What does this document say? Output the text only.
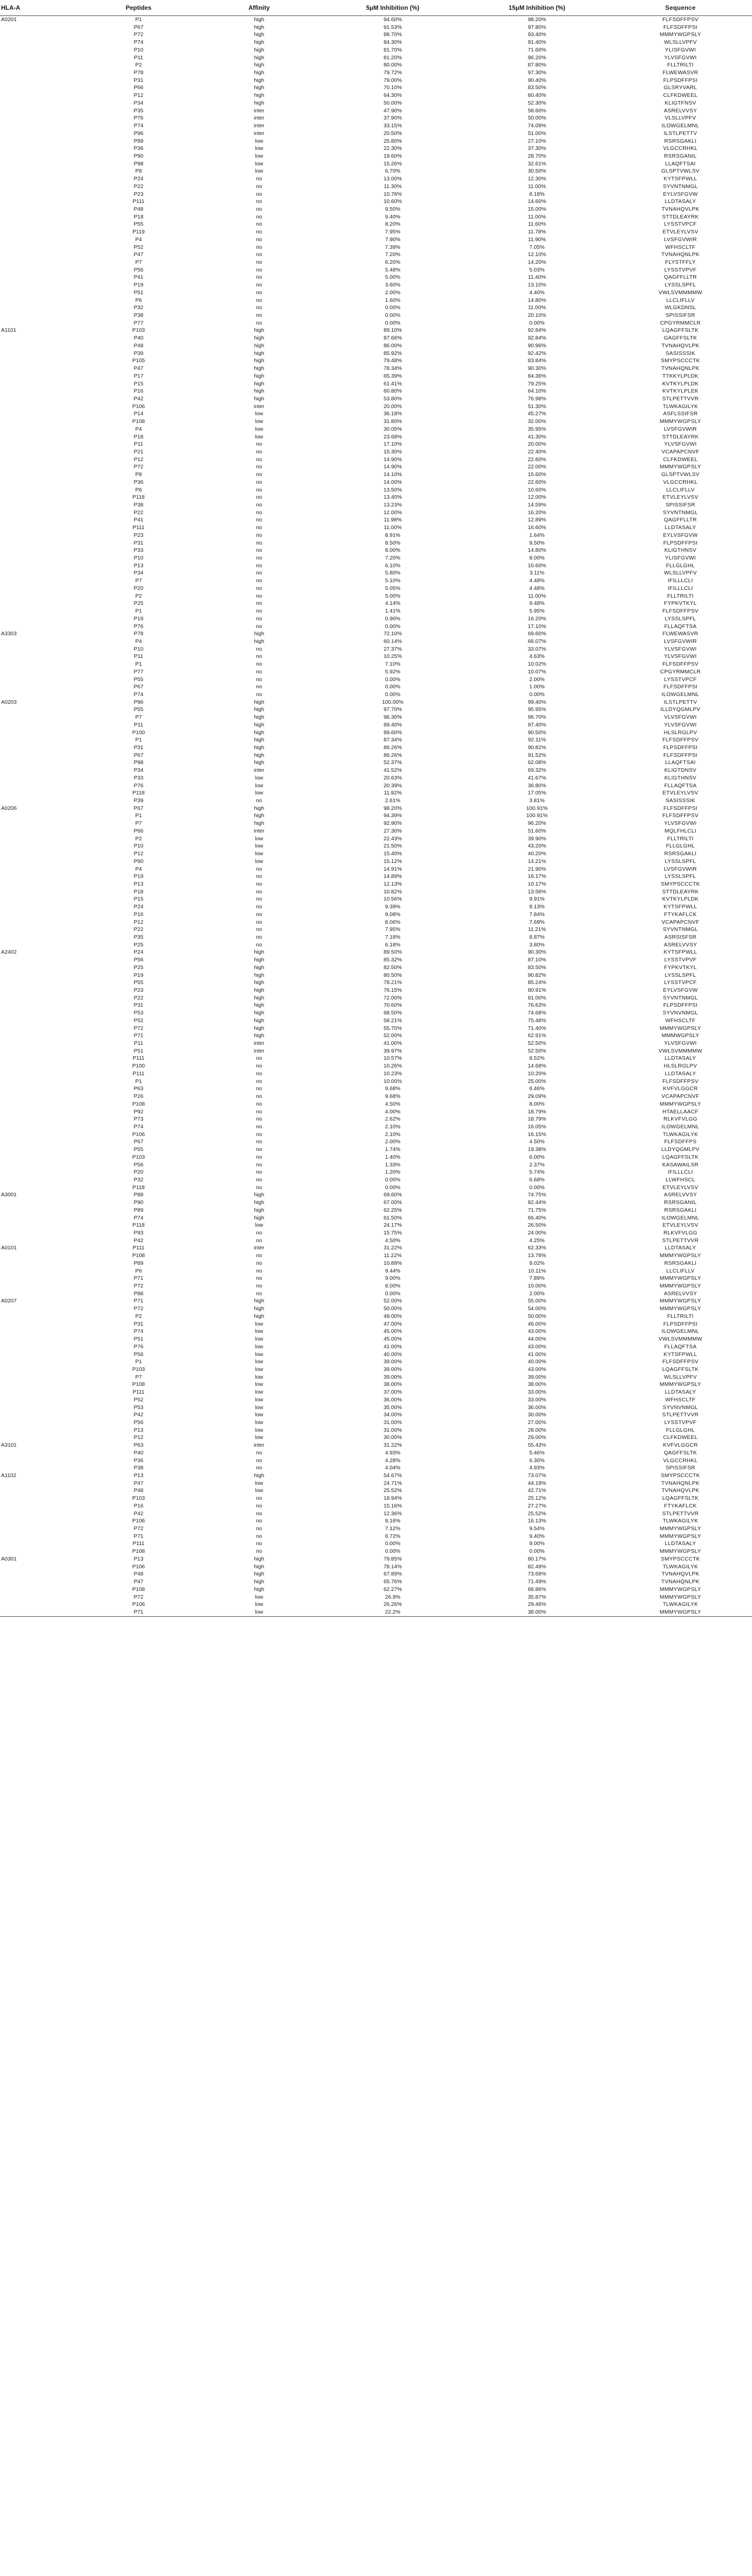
HLA-A	Peptides	Affinity	5μM Inhibition (%)	15μM Inhibition (%)	Sequence
A0201	P1	high	94.60%	98.20%	FLFSDFFPSV
	P67	high	91.53%	97.80%	FLFSDFFPSI
	P72	high	88.70%	93.40%	MMMYWGPSLY
	P74	high	84.30%	91.40%	WLSLLVPFV
	P10	high	81.70%	71.60%	YLISFGVWI
	P11	high	81.20%	96.20%	YLVSFGVWI
	P2	high	80.00%	87.80%	FLLTRILTI
	P78	high	79.72%	97.30%	FLWEWASVR
	P31	high	79.00%	90.40%	FLPSDFFPSI
	P66	high	70.10%	83.50%	GLSRYVARL
	P12	high	64.30%	60.40%	CLFKDWEEL
	P34	high	50.00%	52.30%	KLIGTFNSV
	P35	inter	47.90%	58.60%	ASRELVVSY
	P76	inter	37.90%	50.00%	VLSLLVPFV
	P74	inter	33.15%	74.09%	ILOWGELMNL
	P96	inter	20.50%	51.00%	ILSTLPETTV
	P89	low	25.80%	27.10%	RSRSGAKLI
	P36	low	22.30%	37.30%	VLGCCRHKL
	P90	low	19.60%	28.70%	RSRSGANIL
	P98	low	15.26%	32.61%	LLAQFTSAI
	P8	low	6.70%	30.50%	GLSPTVWLSV
	P24	no	13.00%	12.30%	KYTSFPWLL
	P22	no	11.30%	11.00%	SYVNTNMGL
	P23	no	10.76%	8.18%	EYLVSFGVW
	P111	no	10.60%	14.60%	LLDTASALY
	P48	no	9.50%	15.00%	TVNAHQVLPK
	P18	no	9.40%	11.00%	STTDLEAYRK
	P55	no	8.20%	11.60%	LYSSTVPCF
	P119	no	7.95%	11.78%	ETVLEYLVSV
	P4	no	7.90%	11.90%	LVSFGVWIR
	P52	no	7.39%	7.05%	WFHSCLTF
	P47	no	7.20%	12.10%	TVNAHQNLPK
	P7	no	6.20%	14.20%	FLYSTFFLY
	P56	no	5.48%	5.03%	LYSSTVPVF
	P41	no	5.00%	11.40%	QAGFFLLTR
	P19	no	3.60%	13.10%	LYSSLSPFL
	P51	no	2.00%	4.40%	VWLSVMMMMW
	P6	no	1.60%	14.80%	LLCLIFLLV
	P32	no	0.00%	11.00%	WLGKDNSL
	P38	no	0.00%	20.10%	SPISSIFSR
	P77	no	0.00%	0.00%	CPGYRMMCLR
A1101	P103	high	89.10%	92.84%	LQAGFFSLTK
	P40	high	87.66%	92.84%	GAGFFSLTK
	P48	high	86.00%	90.96%	TVNAHQVLPK
	P39	high	85.92%	92.42%	SASISSSIK
	P105	high	79.48%	83.84%	SMYPSCCCTK
	P47	high	78.34%	90.30%	TVNAHQNLPK
	P17	high	65.39%	84.36%	TTKKYLPLDK
	P15	high	61.41%	79.25%	KVTKYLPLDK
	P16	high	60.80%	64.10%	KVTKYLPLEK
	P42	high	53.80%	76.98%	STLPETTVVR
	P106	inter	20.00%	51.30%	TLWKAGILYK
	P14	low	36.18%	45.27%	ASFLSSIFSR
	P108	low	31.80%	32.00%	MMMYWGPSLY
	P4	low	30.05%	35.95%	LVSFGVWIR
	P18	low	23.68%	41.30%	STTDLEAYRK
	P11	no	17.10%	20.00%	YLVSFGVWI
	P21	no	15.30%	22.40%	VCAPAPCNVF
	P12	no	14.90%	22.60%	CLFKDWEEL
	P72	no	14.90%	22.00%	MMMYWGPSLY
	P8	no	14.10%	15.60%	GLSPTVWLSV
	P36	no	14.00%	22.60%	VLGCCRHKL
	P6	no	13.50%	10.60%	LLCLIFLLV
	P118	no	13.40%	12.00%	ETVLEYLVSV
	P38	no	13.23%	14.59%	SPISSIFSR
	P22	no	12.00%	16.20%	SYVNTNMGL
	P41	no	11.98%	12.89%	QAGFFLLTR
	P111	no	11.00%	16.60%	LLDTASALY
	P23	no	8.91%	1.64%	EYLVSFGVW
	P31	no	8.50%	9.50%	FLPSDFFPSI
	P33	no	8.00%	14.80%	KLIGTHNSV
	P10	no	7.20%	8.00%	YLISFGVWI
	P13	no	6.10%	10.60%	FLLGLGHL
	P34	no	5.80%	3.11%	WLSLLVPFV
	P7	no	5.10%	4.48%	IFILLLCLI
	P20	no	5.05%	4.48%	IFILLLCLI
	P2	no	5.00%	11.00%	FLLTRILTI
	P25	no	4.14%	9.48%	FYPKVTKYL
	P1	no	1.41%	5.95%	FLFSDFFPSV
	P19	no	0.90%	16.20%	LYSSLSPFL
	P76	no	0.00%	17.10%	FLLAQFTSA
A3303	P78	high	72.10%	69.60%	FLWEWASVR
	P4	high	60.14%	66.07%	LVSFGVWIR
	P10	no	27.37%	33.07%	YLVSFGVWI
	P11	no	10.25%	4.63%	YLVSFGVWI
	P1	no	7.10%	10.02%	FLFSDFFPSV
	P77	no	5.92%	10.07%	CPGYRMMCLR
	P55	no	0.00%	2.00%	LYSSTVPCF
	P67	no	0.00%	1.00%	FLFSDFFPSI
	P74	no	0.00%	0.00%	ILOWGELMNL
A0203	P96	high	100.00%	99.40%	ILSTLPETTV
	P55	high	97.70%	95.95%	ILLDYQGMLPV
	P7	high	96.30%	96.70%	VLVSFGVWI
	P11	high	89.40%	97.40%	YLVSFGVWI
	P100	high	89.60%	90.50%	HLSLRGLPV
	P1	high	87.34%	92.11%	FLFSDFFPSV
	P31	high	86.26%	90.82%	FLPSDFFPSI
	P67	high	86.26%	91.52%	FLFSDFFPSI
	P98	high	52.37%	62.08%	LLAQFTSAI
	P34	inter	41.52%	69.32%	KLIGTDNSV
	P33	low	20.63%	41.67%	KLIGTHNSV
	P76	low	20.39%	36.80%	FLLAQFTSA
	P118	low	11.92%	17.05%	ETVLEYLVSV
	P39	no	2.61%	3.81%	SASISSSIK
A0206	P67	high	98.20%	100.91%	FLFSDFFPSI
	P1	high	94.39%	100.91%	FLFSDFFPSV
	P7	high	92.90%	96.20%	YLVSFGVWI
	P66	inter	27.30%	51.60%	MQLFHLCLI
	P2	low	22.43%	39.90%	FLLTRILTI
	P10	low	21.50%	43.20%	FLLGLGHL
	P12	low	15.40%	40.20%	RSRSGAKLI
	P90	low	15.12%	14.21%	LYSSLSPFL
	P4	no	14.91%	21.90%	LVSFGVWIR
	P19	no	14.89%	16.17%	LYSSLSPFL
	P13	no	12.13%	10.17%	SMYPSCCCTK
	P18	no	10.82%	13.56%	STTDLEAYRK
	P15	no	10.56%	9.91%	KVTKYLPLDK
	P24	no	9.39%	8.13%	KYTSFPWLL
	P16	no	9.08%	7.84%	FTYKAFLCK
	P12	no	8.06%	7.69%	VCAPAPCNVF
	P22	no	7.95%	11.21%	SYVNTNMGL
	P35	no	7.18%	8.87%	ASRSISFSR
	P25	no	6.18%	3.80%	ASRELVVSY
A2402	P24	high	89.50%	90.30%	KYTSFPWLL
	P56	high	85.32%	87.10%	LYSSTVPVF
	P25	high	82.50%	83.50%	FYPKVTKYL
	P19	high	80.50%	90.82%	LYSSLSPFL
	P55	high	78.21%	85.24%	LYSSTVPCF
	P23	high	76.15%	80.91%	EYLVSFGVW
	P22	high	72.00%	81.00%	SYVNTNMGL
	P31	high	70.60%	76.63%	FLPSDFFPSI
	P53	high	68.50%	74.68%	SYVNVNMGL
	P52	high	58.21%	75.48%	WFHSCLTF
	P72	high	55.70%	71.40%	MMMYWGPSLY
	P71	high	52.00%	62.91%	MMMWGPSLY
	P11	inter	41.00%	52.50%	YLVSFGVWI
	P51	inter	39.97%	52.50%	VWLSVMMMMW
	P111	no	10.57%	8.52%	LLDTASALY
	P100	no	10.26%	14.68%	HLSLRGLPV
	P111	no	10.23%	10.20%	LLDTASALY
	P1	no	10.00%	25.00%	FLFSDFFPSV
	P63	no	9.68%	6.46%	KVFVLGGCR
	P26	no	9.68%	29.09%	VCAPAPCNVF
	P108	no	4.50%	8.00%	MMMYWGPSLY
	P92	no	4.00%	18.79%	HTAELLAACF
	P73	no	2.62%	18.79%	RLKVFVLGG
	P74	no	2.10%	16.05%	ILOWGELMNL
	P106	no	2.10%	16.15%	TLWKAGILYK
	P67	no	2.00%	4.50%	FLFSDFFPS
	P55	no	1.74%	19.38%	LLDYQGMLPV
	P103	no	1.40%	6.00%	LQAGFFSLTK
	P56	no	1.33%	2.37%	KASAWAILSR
	P20	no	1.20%	5.74%	IFILLLCLI
	P32	no	0.00%	6.68%	LLWFHSCL
	P118	no	0.00%	0.00%	ETVLEYLVSV
A3001	P88	high	69.60%	74.75%	ASRELVVSY
	P90	high	67.00%	82.44%	RSRSGANIL
	P89	high	62.25%	71.75%	RSRSGAKLI
	P74	high	61.50%	66.40%	ILOWGELMNL
	P118	low	24.17%	26.50%	ETVLEYLVSV
	P93	no	15.75%	24.00%	RLKVFVLGG
	P42	no	4.50%	4.25%	STLPETTVVR
A0101	P111	inter	31.22%	62.33%	LLDTASALY
	P108	no	11.22%	13.78%	MMMYWGPSLY
	P89	no	10.89%	9.02%	RSRSGAKLI
	P6	no	9.44%	10.11%	LLCLIFLLV
	P71	no	9.00%	7.89%	MMMYWGPSLY
	P72	no	8.00%	10.00%	MMMYWGPSLY
	P88	no	0.00%	2.00%	ASRELVVSY
A0207	P71	high	52.00%	55.00%	MMMYWGPSLY
	P72	high	50.00%	54.00%	MMMYWGPSLY
	P2	high	49.00%	50.00%	FLLTRILTI
	P31	low	47.00%	46.00%	FLPSDFFPSI
	P74	low	45.00%	43.00%	ILOWGELMNL
	P51	low	45.00%	44.00%	VWLSVMMMMW
	P76	low	41.00%	43.00%	FLLAQFTSA
	P56	low	40.00%	41.00%	KYTSFPWLL
	P1	low	39.00%	40.00%	FLFSDFFPSV
	P103	low	39.00%	43.00%	LQAGFFSLTK
	P7	low	39.00%	39.00%	WLSLLVPFV
	P108	low	38.00%	38.00%	MMMYWGPSLY
	P111	low	37.00%	33.00%	LLDTASALY
	P52	low	36.00%	33.00%	WFHSCLTF
	P53	low	35.00%	36.00%	SYVNVNMGL
	P42	low	34.00%	30.00%	STLPETTVVR
	P56	low	31.00%	27.00%	LYSSTVPVF
	P13	low	31.00%	28.00%	FLLGLGHL
	P12	low	30.00%	29.00%	CLFKDWEEL
A3101	P63	inter	31.22%	55.43%	KVFVLGGCR
	P40	no	4.93%	5.46%	QAGFFSLTK
	P36	no	4.28%	6.30%	VLGCCRHKL
	P38	no	4.04%	4.93%	SPISSIFSR
A1102	P13	high	54.67%	73.07%	SMYPSCCCTK
	P47	low	24.71%	44.19%	TVNAHQNLPK
	P48	low	25.52%	42.71%	TVNAHQVLPK
	P103	no	18.94%	25.12%	LQAGFFSLTK
	P16	no	15.16%	27.27%	FTYKAFLCK
	P42	no	12.36%	25.52%	STLPETTVVR
	P106	no	8.16%	16.13%	TLWKAGILYK
	P72	no	7.12%	9.54%	MMMYWGPSLY
	P71	no	6.72%	9.40%	MMMYWGPSLY
	P111	no	0.00%	9.00%	LLDTASALY
	P108	no	0.00%	0.00%	MMMYWGPSLY
A0301	P13	high	79.85%	80.17%	SMYPSCCCTK
	P106	high	78.14%	82.49%	TLWKAGILYK
	P48	high	67.89%	73.68%	TVNAHQVLPK
	P47	high	65.76%	71.49%	TVNAHQNLPK
	P108	high	62.27%	68.86%	MMMYWGPSLY
	P72	low	26.9%	35.87%	MMMYWGPSLY
	P106	low	26.26%	29.46%	TLWKAGILYK
	P71	low	22.2%	38.00%	MMMYWGPSLY
